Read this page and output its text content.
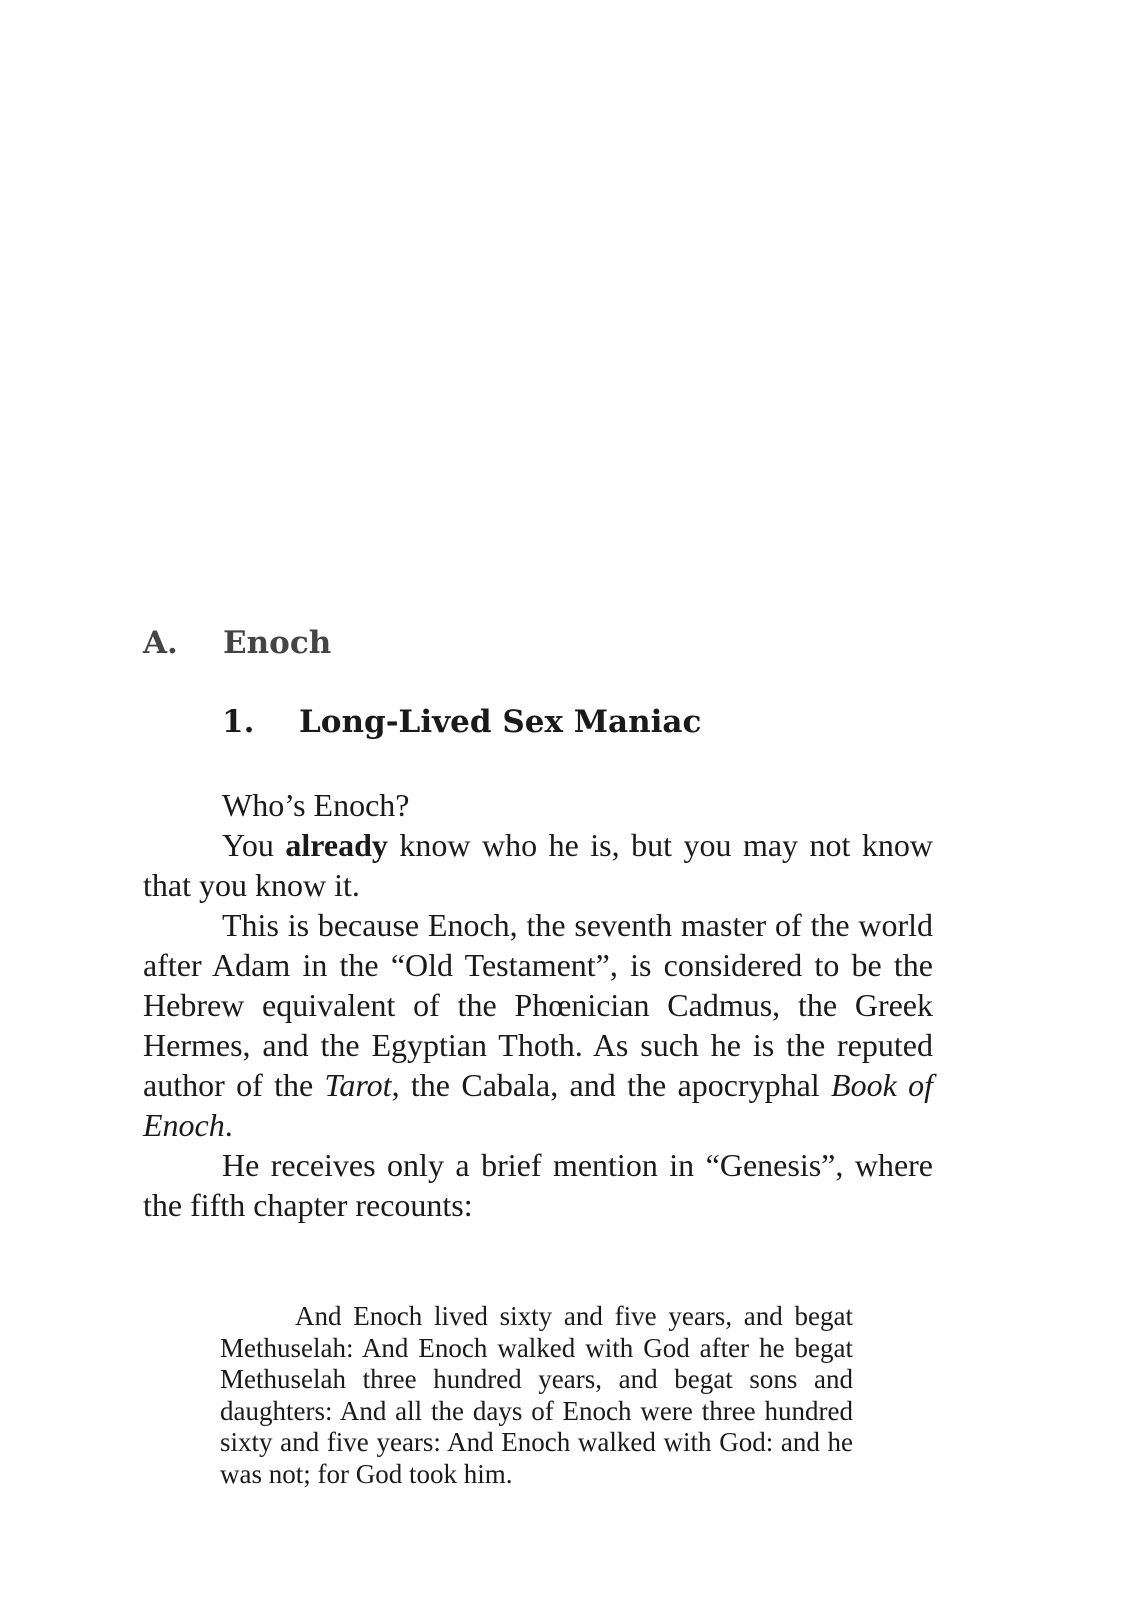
A. Enoch
1. Long-Lived Sex Maniac

Who’s Enoch?

You already know who he is, but you may not know that you know it.

This is because Enoch, the seventh master of the world after Adam in the “Old Testament”, is considered to be the Hebrew equivalent of the Phœnician Cadmus, the Greek Hermes, and the Egyptian Thoth. As such he is the reputed author of the Tarot, the Cabala, and the apocryphal Book of Enoch.

He receives only a brief mention in “Genesis”, where the fifth chapter recounts:

And Enoch lived sixty and five years, and begat Methuselah: And Enoch walked with God after he begat Methuselah three hundred years, and begat sons and daughters: And all the days of Enoch were three hundred sixty and five years: And Enoch walked with God: and he was not; for God took him.
